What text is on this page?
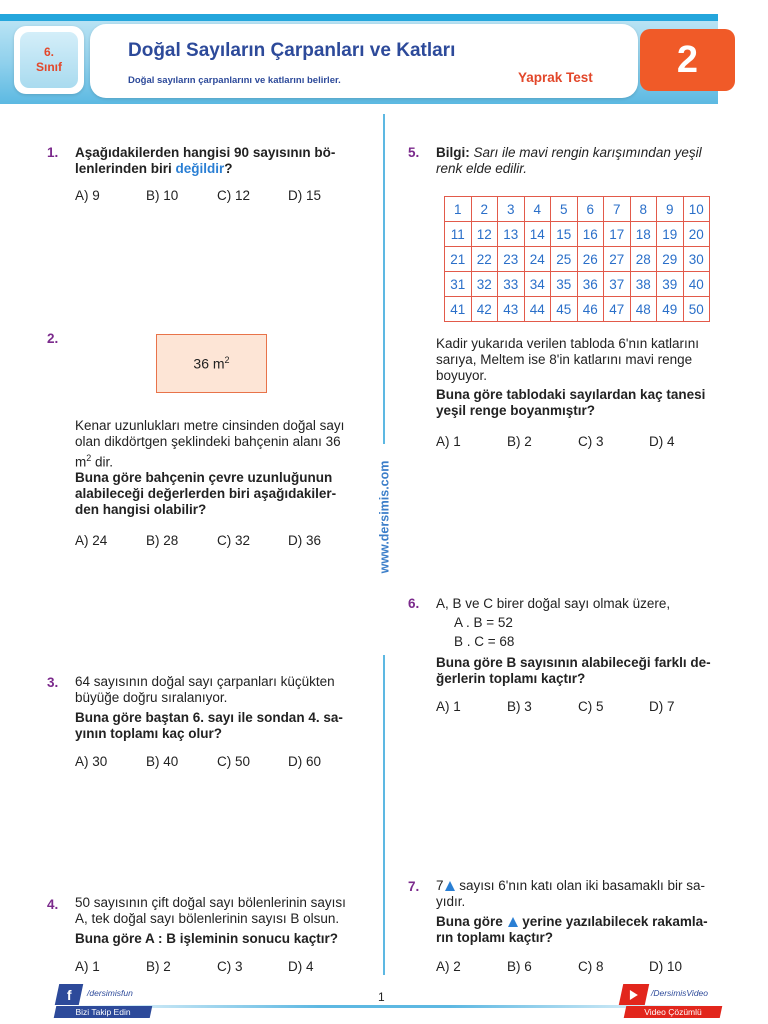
6.
Sınıf
Doğal Sayıların Çarpanları ve Katları
Doğal sayıların çarpanlarını ve katlarını belirler.	Yaprak Test 2
www.dersimis.com
1. Aşağıdakilerden hangisi 90 sayısının bö-
lenlerinden biri değildir?
A) 9	B) 10	C) 12	D) 15
2.
36 $m^2$
Kenar uzunlukları metre cinsinden doğal sayı
olan dikdörtgen şeklindeki bahçenin alanı 36
$m^2$ dir.
Buna göre bahçenin çevre uzunluğunun
alabileceği değerlerden biri aşağıdakiler-
den hangisi olabilir?
A) 24	B) 28	C) 32	D) 36
3. 64 sayısının doğal sayı çarpanları küçükten
büyüğe doğru sıralanıyor.
Buna göre baştan 6. sayı ile sondan 4. sa-
yının toplamı kaç olur?
A) 30	B) 40	C) 50	D) 60
4. 50 sayısının çift doğal sayı bölenlerinin sayısı
A, tek doğal sayı bölenlerinin sayısı B olsun.
Buna göre A : B işleminin sonucu kaçtır?
A) 1	B) 2	C) 3	D) 4
5. Bilgi: Sarı ile mavi rengin karışımından yeşil
renk elde edilir.
1	2	3	4	5	6	7	8	9	10
11	12	13	14	15	16	17	18	19	20
21	22	23	24	25	26	27	28	29	30
31	32	33	34	35	36	37	38	39	40
41	42	43	44	45	46	47	48	49	50
Kadir yukarıda verilen tabloda 6'nın katlarını
sarıya, Meltem ise 8'in katlarını mavi renge
boyuyor.
Buna göre tablodaki sayılardan kaç tanesi
yeşil renge boyanmıştır?
A) 1	B) 2	C) 3	D) 4
6. A, B ve C birer doğal sayı olmak üzere,
A . B = 52
B . C = 68
Buna göre B sayısının alabileceği farklı de-
ğerlerin toplamı kaçtır?
A) 1	B) 3	C) 5	D) 7
7. 7 sayısı 6'nın katı olan iki basamaklı bir sa-
yıdır.
Buna göre  yerine yazılabilecek rakamla-
rın toplamı kaçtır?
A) 2	B) 6	C) 8	D) 10
1
f /dersimisfun
Bizi Takip Edin
/DersimisVideo
Video Çözümlü
